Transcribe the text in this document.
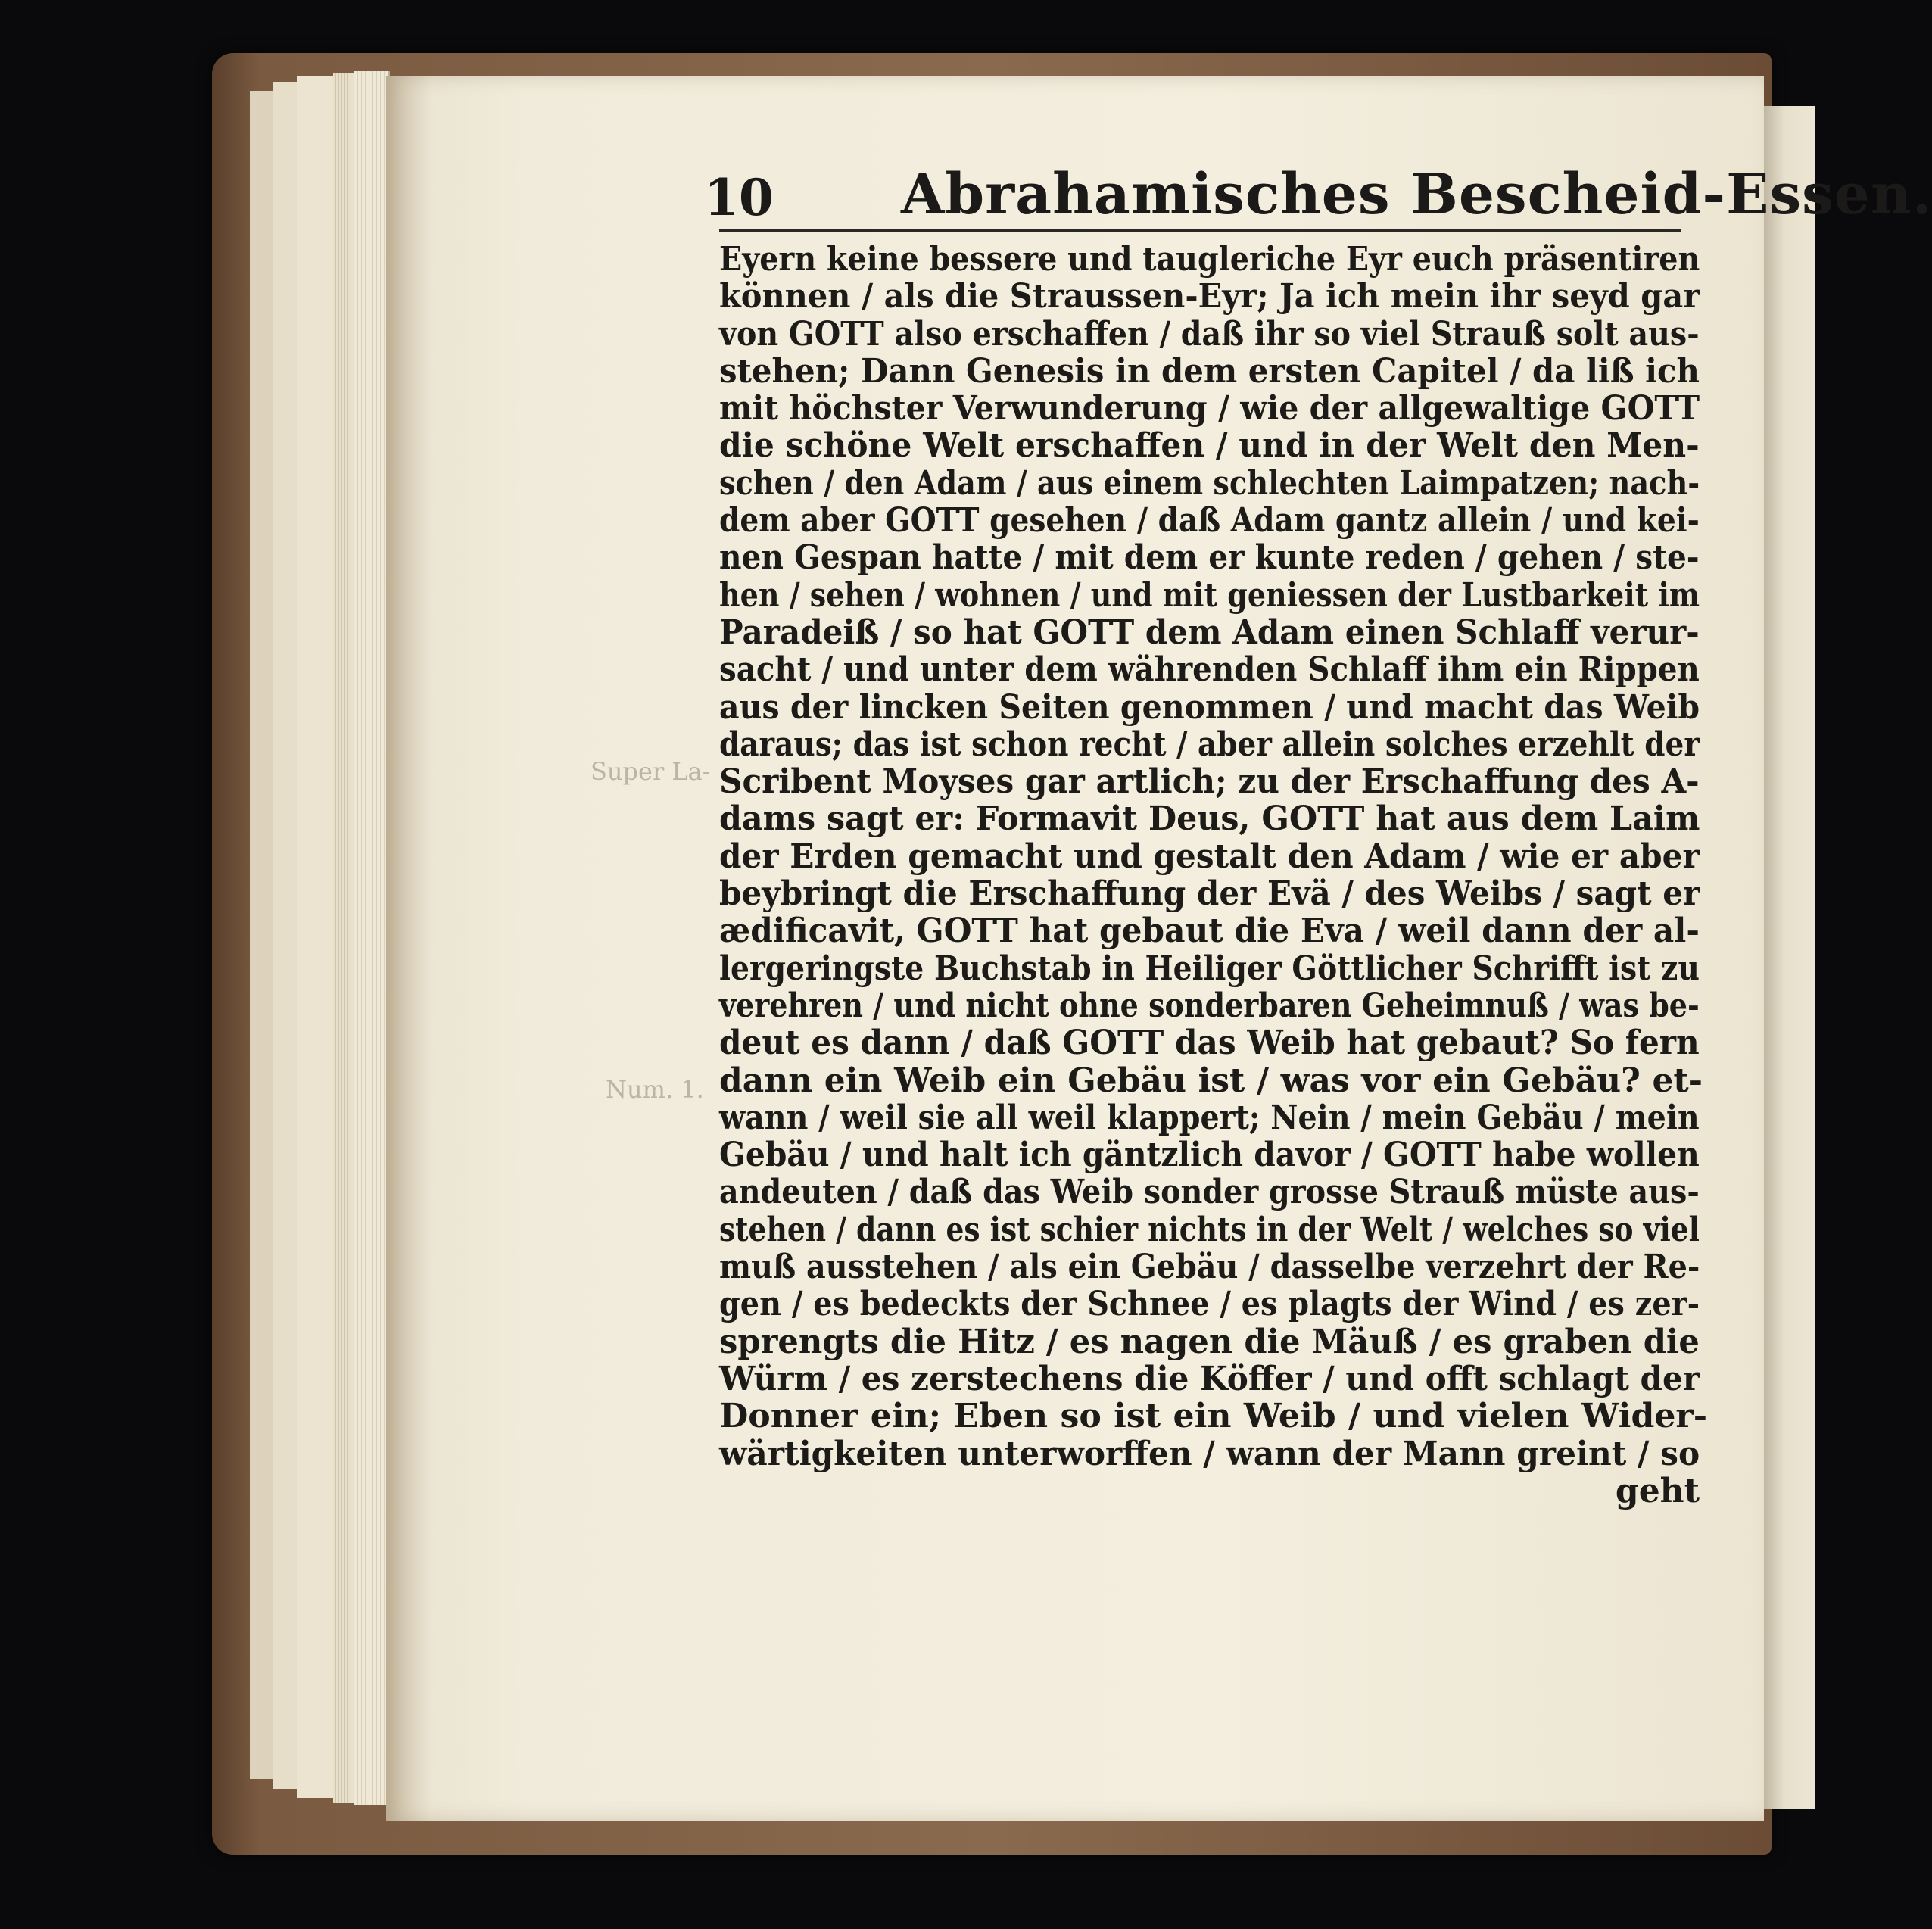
10 Abrahamisches Bescheid-Essen.
Super La-
Num. 1.
Eyern keine bessere und taugleriche Eyr euch präsentiren
können / als die Straussen-Eyr; Ja ich mein ihr seyd gar
von GOTT also erschaffen / daß ihr so viel Strauß solt aus-
stehen; Dann Genesis in dem ersten Capitel / da liß ich
mit höchster Verwunderung / wie der allgewaltige GOTT
die schöne Welt erschaffen / und in der Welt den Men-
schen / den Adam / aus einem schlechten Laimpatzen; nach-
dem aber GOTT gesehen / daß Adam gantz allein / und kei-
nen Gespan hatte / mit dem er kunte reden / gehen / ste-
hen / sehen / wohnen / und mit geniessen der Lustbarkeit im
Paradeiß / so hat GOTT dem Adam einen Schlaff verur-
sacht / und unter dem währenden Schlaff ihm ein Rippen
aus der lincken Seiten genommen / und macht das Weib
daraus; das ist schon recht / aber allein solches erzehlt der
Scribent Moyses gar artlich; zu der Erschaffung des A-
dams sagt er: Formavit Deus, GOTT hat aus dem Laim
der Erden gemacht und gestalt den Adam / wie er aber
beybringt die Erschaffung der Evä / des Weibs / sagt er
ædificavit, GOTT hat gebaut die Eva / weil dann der al-
lergeringste Buchstab in Heiliger Göttlicher Schrifft ist zu
verehren / und nicht ohne sonderbaren Geheimnuß / was be-
deut es dann / daß GOTT das Weib hat gebaut? So fern
dann ein Weib ein Gebäu ist / was vor ein Gebäu? et-
wann / weil sie all weil klappert; Nein / mein Gebäu / mein
Gebäu / und halt ich gäntzlich davor / GOTT habe wollen
andeuten / daß das Weib sonder grosse Strauß müste aus-
stehen / dann es ist schier nichts in der Welt / welches so viel
muß ausstehen / als ein Gebäu / dasselbe verzehrt der Re-
gen / es bedeckts der Schnee / es plagts der Wind / es zer-
sprengts die Hitz / es nagen die Mäuß / es graben die
Würm / es zerstechens die Köffer / und offt schlagt der
Donner ein; Eben so ist ein Weib / und vielen Wider-
wärtigkeiten unterworffen / wann der Mann greint / so
geht
